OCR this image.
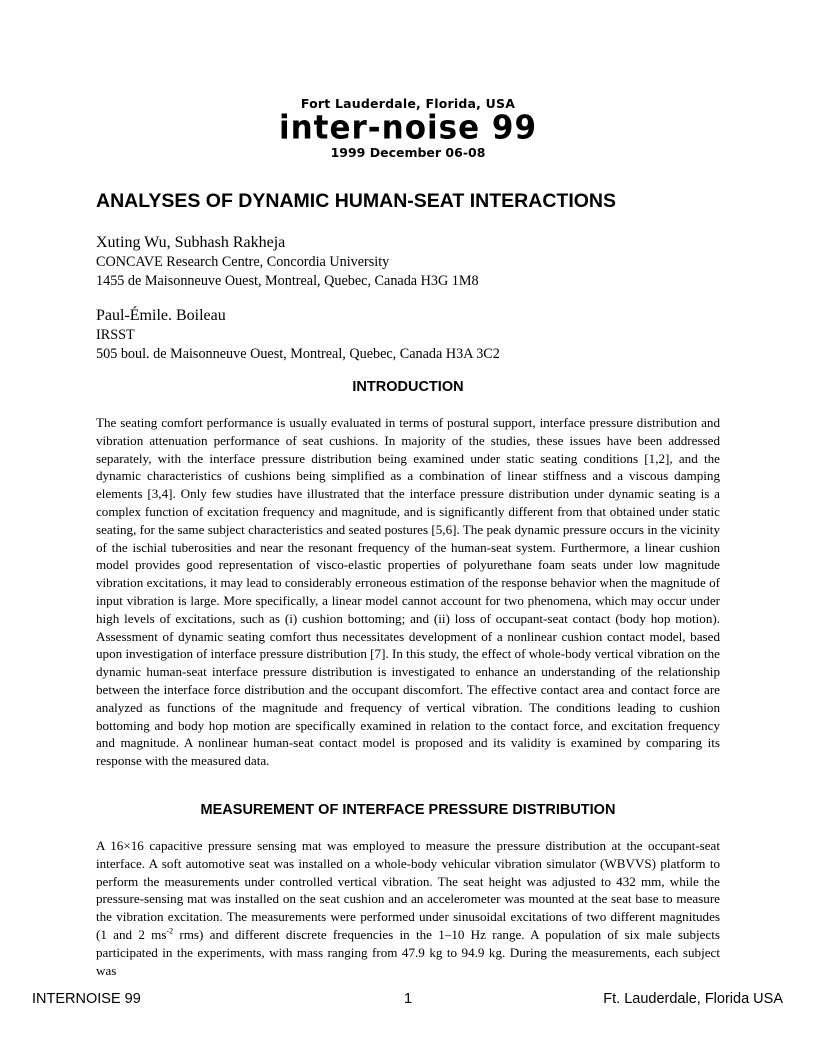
Fort Lauderdale, Florida, USA
inter-noise 99
1999 December 06-08
ANALYSES OF DYNAMIC HUMAN-SEAT INTERACTIONS
Xuting Wu, Subhash Rakheja
CONCAVE Research Centre, Concordia University
1455 de Maisonneuve Ouest, Montreal, Quebec, Canada H3G 1M8
Paul-Émile. Boileau
IRSST
505 boul. de Maisonneuve Ouest, Montreal, Quebec, Canada H3A 3C2
INTRODUCTION
The seating comfort performance is usually evaluated in terms of postural support, interface pressure distribution and vibration attenuation performance of seat cushions. In majority of the studies, these issues have been addressed separately, with the interface pressure distribution being examined under static seating conditions [1,2], and the dynamic characteristics of cushions being simplified as a combination of linear stiffness and a viscous damping elements [3,4]. Only few studies have illustrated that the interface pressure distribution under dynamic seating is a complex function of excitation frequency and magnitude, and is significantly different from that obtained under static seating, for the same subject characteristics and seated postures [5,6]. The peak dynamic pressure occurs in the vicinity of the ischial tuberosities and near the resonant frequency of the human-seat system. Furthermore, a linear cushion model provides good representation of visco-elastic properties of polyurethane foam seats under low magnitude vibration excitations, it may lead to considerably erroneous estimation of the response behavior when the magnitude of input vibration is large. More specifically, a linear model cannot account for two phenomena, which may occur under high levels of excitations, such as (i) cushion bottoming; and (ii) loss of occupant-seat contact (body hop motion). Assessment of dynamic seating comfort thus necessitates development of a nonlinear cushion contact model, based upon investigation of interface pressure distribution [7]. In this study, the effect of whole-body vertical vibration on the dynamic human-seat interface pressure distribution is investigated to enhance an understanding of the relationship between the interface force distribution and the occupant discomfort. The effective contact area and contact force are analyzed as functions of the magnitude and frequency of vertical vibration. The conditions leading to cushion bottoming and body hop motion are specifically examined in relation to the contact force, and excitation frequency and magnitude. A nonlinear human-seat contact model is proposed and its validity is examined by comparing its response with the measured data.
MEASUREMENT OF INTERFACE PRESSURE DISTRIBUTION
A 16×16 capacitive pressure sensing mat was employed to measure the pressure distribution at the occupant-seat interface. A soft automotive seat was installed on a whole-body vehicular vibration simulator (WBVVS) platform to perform the measurements under controlled vertical vibration. The seat height was adjusted to 432 mm, while the pressure-sensing mat was installed on the seat cushion and an accelerometer was mounted at the seat base to measure the vibration excitation. The measurements were performed under sinusoidal excitations of two different magnitudes (1 and 2 $ms^{-2}$ rms) and different discrete frequencies in the 1–10 Hz range. A population of six male subjects participated in the experiments, with mass ranging from 47.9 kg to 94.9 kg. During the measurements, each subject was
INTERNOISE 99	1	Ft. Lauderdale, Florida USA
